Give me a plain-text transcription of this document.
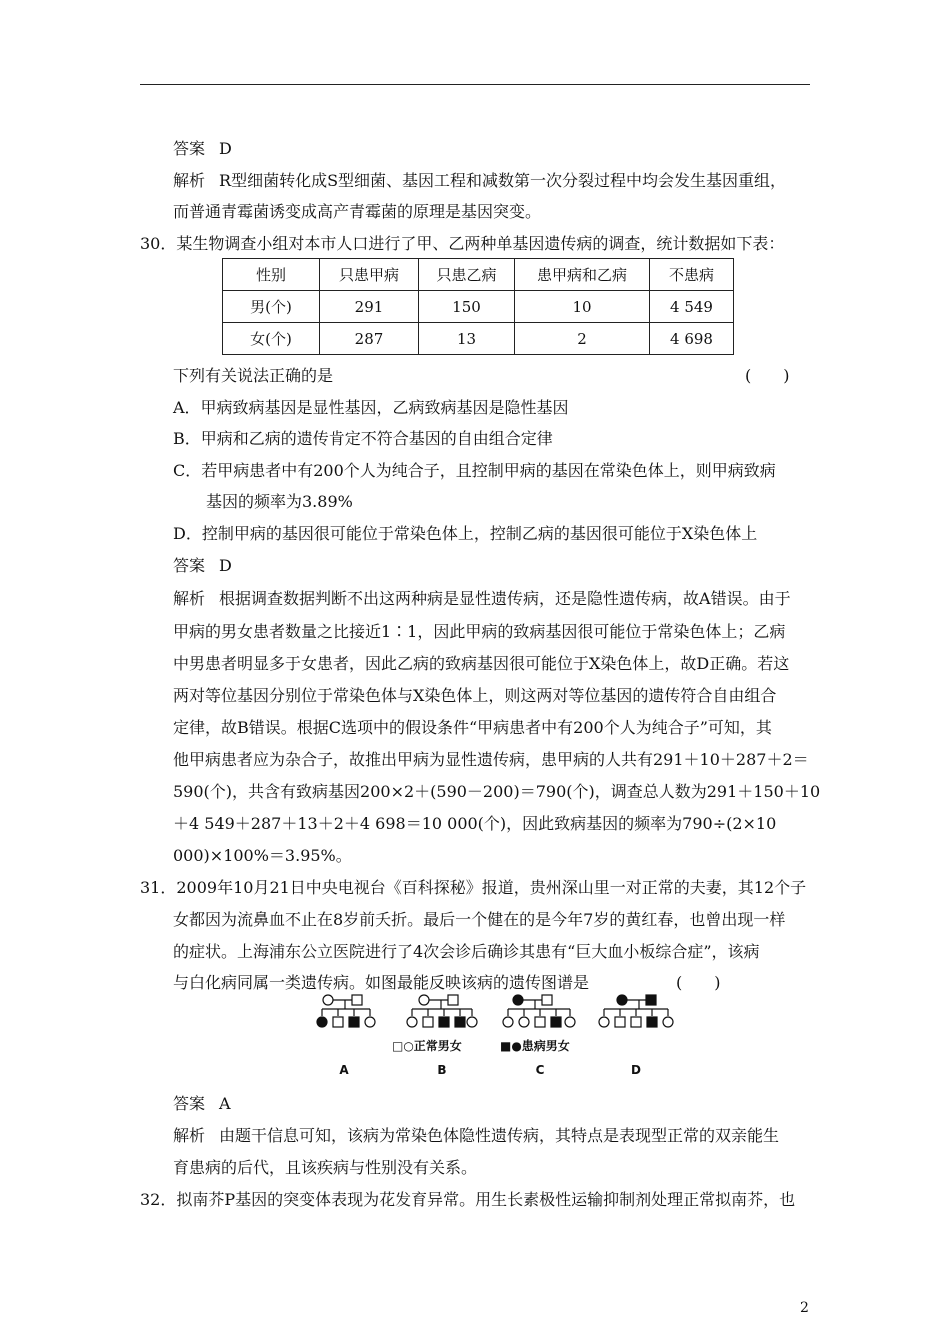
答案 D
解析 R型细菌转化成S型细菌、基因工程和减数第一次分裂过程中均会发生基因重组，
而普通青霉菌诱变成高产青霉菌的原理是基因突变。
30．某生物调查小组对本市人口进行了甲、乙两种单基因遗传病的调查，统计数据如下表：
性别	只患甲病	只患乙病	患甲病和乙病	不患病
男(个)	291	150	10	4 549
女(个)	287	13	2	4 698
下列有关说法正确的是	(　　)
A．甲病致病基因是显性基因，乙病致病基因是隐性基因
B．甲病和乙病的遗传肯定不符合基因的自由组合定律
C．若甲病患者中有200个人为纯合子，且控制甲病的基因在常染色体上，则甲病致病
基因的频率为3.89%
D．控制甲病的基因很可能位于常染色体上，控制乙病的基因很可能位于X染色体上
答案 D
解析 根据调查数据判断不出这两种病是显性遗传病，还是隐性遗传病，故A错误。由于
甲病的男女患者数量之比接近1∶1，因此甲病的致病基因很可能位于常染色体上；乙病
中男患者明显多于女患者，因此乙病的致病基因很可能位于X染色体上，故D正确。若这
两对等位基因分别位于常染色体与X染色体上，则这两对等位基因的遗传符合自由组合
定律，故B错误。根据C选项中的假设条件“甲病患者中有200个人为纯合子”可知，其
他甲病患者应为杂合子，故推出甲病为显性遗传病，患甲病的人共有291＋10＋287＋2＝
590(个)，共含有致病基因200×2＋(590－200)＝790(个)，调查总人数为291＋150＋10
＋4 549＋287＋13＋2＋4 698＝10 000(个)，因此致病基因的频率为790÷(2×10
000)×100%＝3.95%。
31．2009年10月21日中央电视台《百科探秘》报道，贵州深山里一对正常的夫妻，其12个子
女都因为流鼻血不止在8岁前夭折。最后一个健在的是今年7岁的黄红春，也曾出现一样
的症状。上海浦东公立医院进行了4次会诊后确诊其患有“巨大血小板综合症”，该病
与白化病同属一类遗传病。如图最能反映该病的遗传图谱是	(　　)
□○正常男女	■●患病男女
A	B	C	D
答案 A
解析 由题干信息可知，该病为常染色体隐性遗传病，其特点是表现型正常的双亲能生
育患病的后代，且该疾病与性别没有关系。
32．拟南芥P基因的突变体表现为花发育异常。用生长素极性运输抑制剂处理正常拟南芥，也
2
